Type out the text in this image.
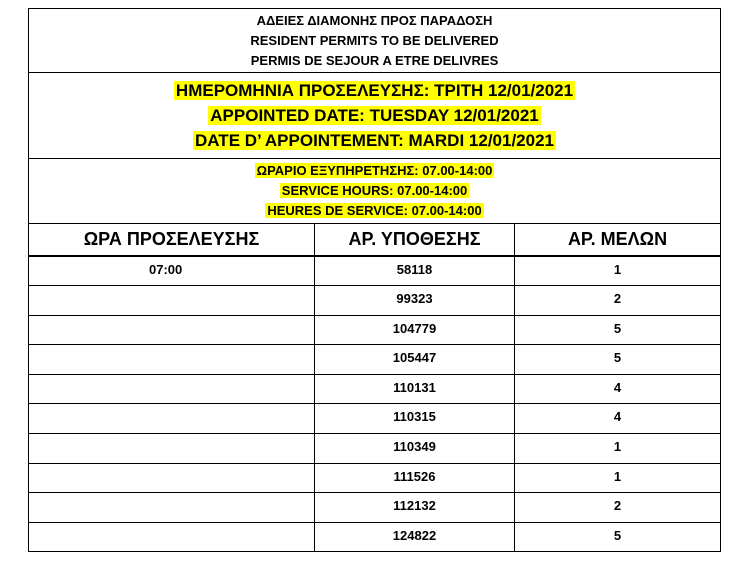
ΑΔΕΙΕΣ ΔΙΑΜΟΝΗΣ ΠΡΟΣ ΠΑΡΑΔΟΣΗ
RESIDENT PERMITS TO BE DELIVERED
PERMIS DE SEJOUR A ETRE DELIVRES		

ΗΜΕΡΟΜΗΝΙΑ ΠΡΟΣΕΛΕΥΣΗΣ: ΤΡΙΤΗ 12/01/2021
APPOINTED DATE: TUESDAY 12/01/2021
DATE D’ APPOINTEMENT: MARDI 12/01/2021		

ΩΡΑΡΙΟ ΕΞΥΠΗΡΕΤΗΣΗΣ: 07.00-14:00
SERVICE HOURS: 07.00-14:00
HEURES DE SERVICE: 07.00-14:00		

ΩΡΑ ΠΡΟΣΕΛΕΥΣΗΣ	ΑΡ. ΥΠΟΘΕΣΗΣ	ΑΡ. ΜΕΛΩΝ
07:00	58118	1
	99323	2
	104779	5
	105447	5
	110131	4
	110315	4
	110349	1
	111526	1
	112132	2
	124822	5
